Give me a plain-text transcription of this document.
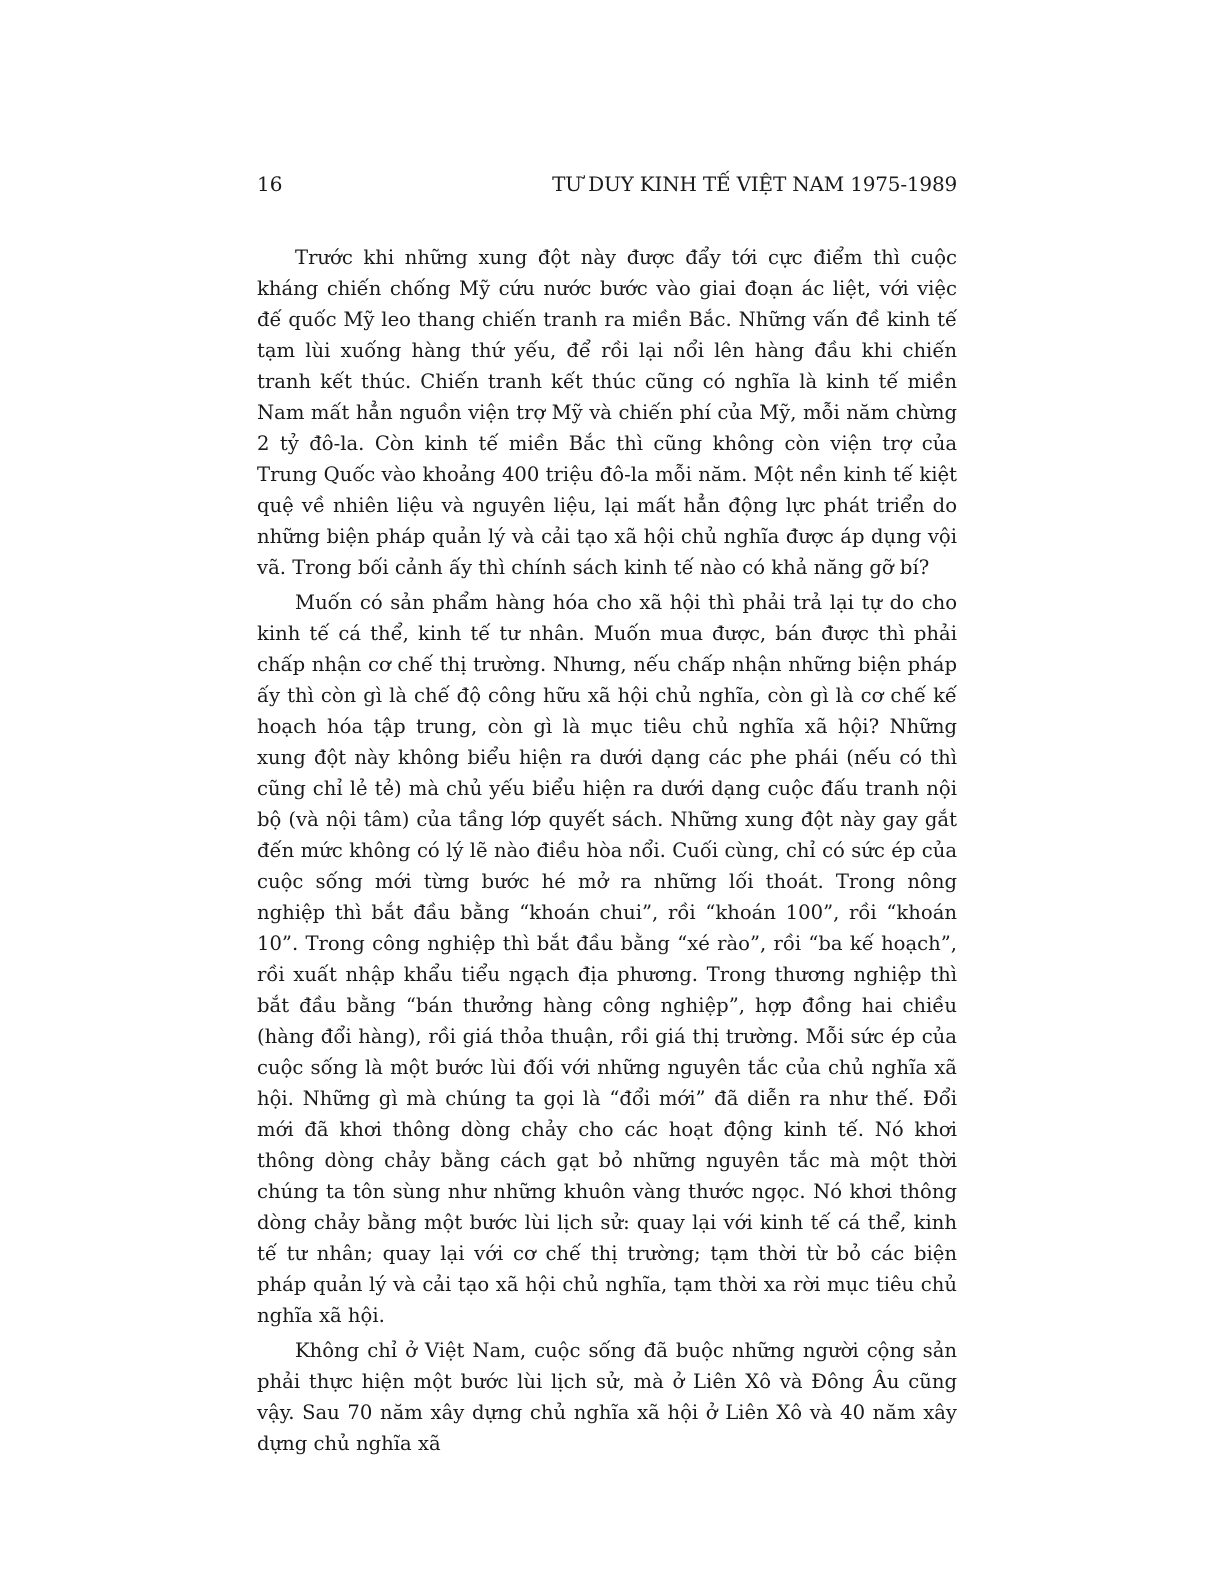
16	TƯ DUY KINH TẾ VIỆT NAM 1975-1989

Trước khi những xung đột này được đẩy tới cực điểm thì cuộc kháng chiến chống Mỹ cứu nước bước vào giai đoạn ác liệt, với việc đế quốc Mỹ leo thang chiến tranh ra miền Bắc. Những vấn đề kinh tế tạm lùi xuống hàng thứ yếu, để rồi lại nổi lên hàng đầu khi chiến tranh kết thúc. Chiến tranh kết thúc cũng có nghĩa là kinh tế miền Nam mất hẳn nguồn viện trợ Mỹ và chiến phí của Mỹ, mỗi năm chừng 2 tỷ đô-la. Còn kinh tế miền Bắc thì cũng không còn viện trợ của Trung Quốc vào khoảng 400 triệu đô-la mỗi năm. Một nền kinh tế kiệt quệ về nhiên liệu và nguyên liệu, lại mất hẳn động lực phát triển do những biện pháp quản lý và cải tạo xã hội chủ nghĩa được áp dụng vội vã. Trong bối cảnh ấy thì chính sách kinh tế nào có khả năng gỡ bí?

Muốn có sản phẩm hàng hóa cho xã hội thì phải trả lại tự do cho kinh tế cá thể, kinh tế tư nhân. Muốn mua được, bán được thì phải chấp nhận cơ chế thị trường. Nhưng, nếu chấp nhận những biện pháp ấy thì còn gì là chế độ công hữu xã hội chủ nghĩa, còn gì là cơ chế kế hoạch hóa tập trung, còn gì là mục tiêu chủ nghĩa xã hội? Những xung đột này không biểu hiện ra dưới dạng các phe phái (nếu có thì cũng chỉ lẻ tẻ) mà chủ yếu biểu hiện ra dưới dạng cuộc đấu tranh nội bộ (và nội tâm) của tầng lớp quyết sách. Những xung đột này gay gắt đến mức không có lý lẽ nào điều hòa nổi. Cuối cùng, chỉ có sức ép của cuộc sống mới từng bước hé mở ra những lối thoát. Trong nông nghiệp thì bắt đầu bằng “khoán chui”, rồi “khoán 100”, rồi “khoán 10”. Trong công nghiệp thì bắt đầu bằng “xé rào”, rồi “ba kế hoạch”, rồi xuất nhập khẩu tiểu ngạch địa phương. Trong thương nghiệp thì bắt đầu bằng “bán thưởng hàng công nghiệp”, hợp đồng hai chiều (hàng đổi hàng), rồi giá thỏa thuận, rồi giá thị trường. Mỗi sức ép của cuộc sống là một bước lùi đối với những nguyên tắc của chủ nghĩa xã hội. Những gì mà chúng ta gọi là “đổi mới” đã diễn ra như thế. Đổi mới đã khơi thông dòng chảy cho các hoạt động kinh tế. Nó khơi thông dòng chảy bằng cách gạt bỏ những nguyên tắc mà một thời chúng ta tôn sùng như những khuôn vàng thước ngọc. Nó khơi thông dòng chảy bằng một bước lùi lịch sử: quay lại với kinh tế cá thể, kinh tế tư nhân; quay lại với cơ chế thị trường; tạm thời từ bỏ các biện pháp quản lý và cải tạo xã hội chủ nghĩa, tạm thời xa rời mục tiêu chủ nghĩa xã hội.

Không chỉ ở Việt Nam, cuộc sống đã buộc những người cộng sản phải thực hiện một bước lùi lịch sử, mà ở Liên Xô và Đông Âu cũng vậy. Sau 70 năm xây dựng chủ nghĩa xã hội ở Liên Xô và 40 năm xây dựng chủ nghĩa xã
